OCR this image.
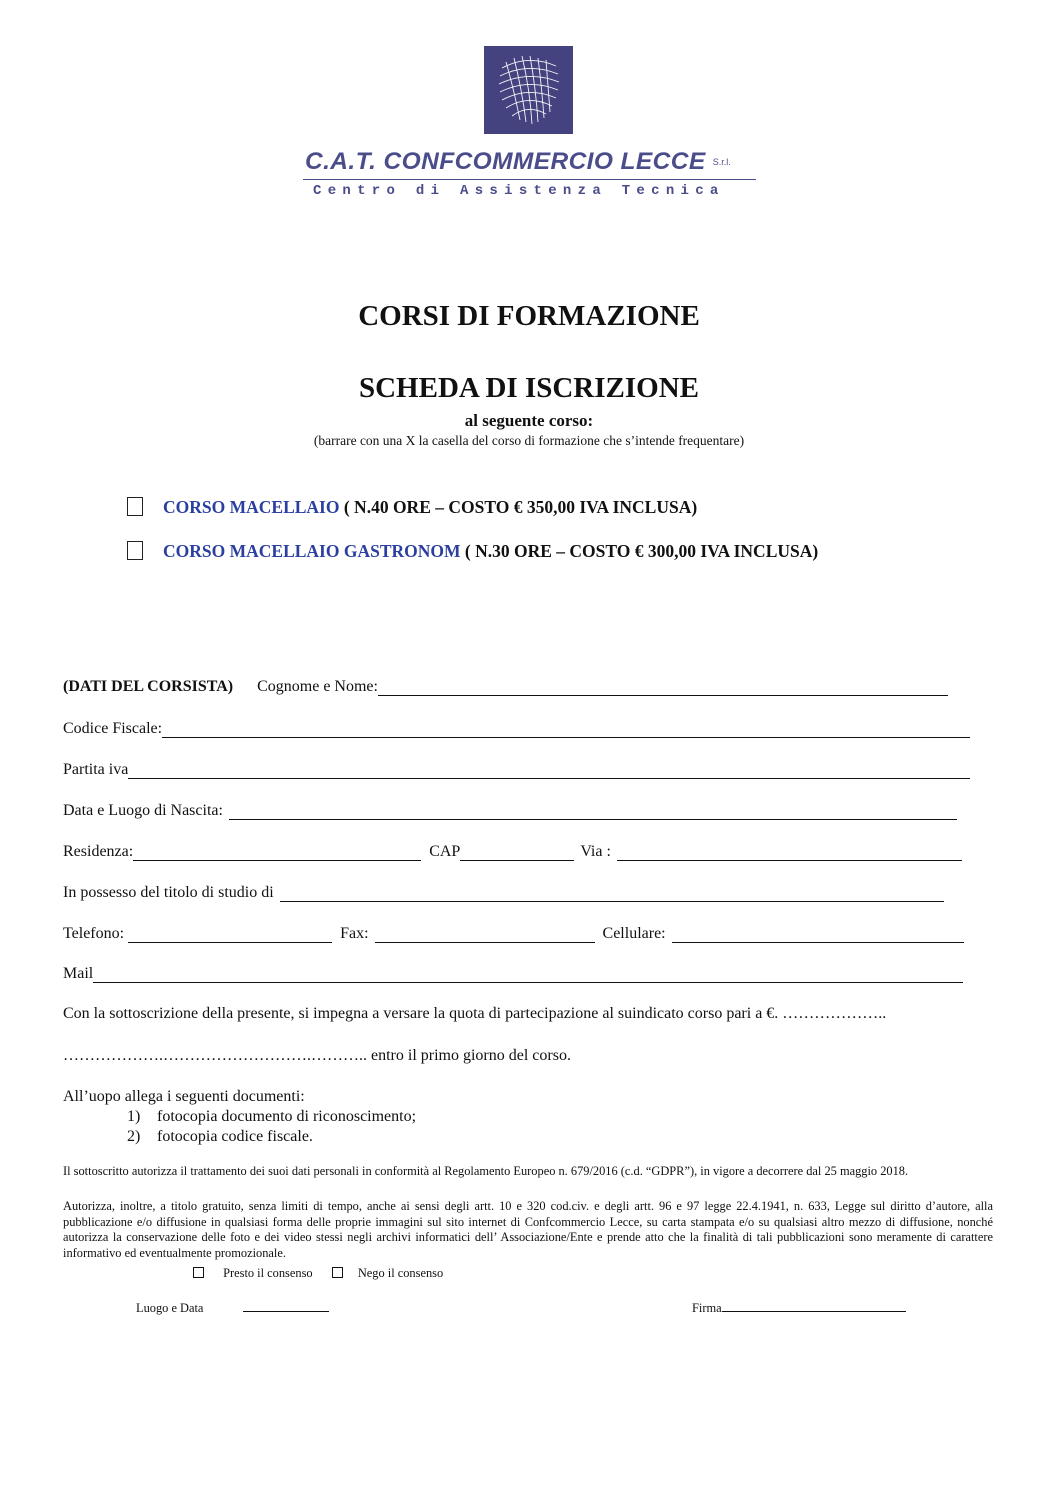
C.A.T. CONFCOMMERCIO LECCE S.r.l.
Centro di Assistenza Tecnica
CORSI DI FORMAZIONE
SCHEDA DI ISCRIZIONE
al seguente corso:
(barrare con una X la casella del corso di formazione che s’intende frequentare)
CORSO MACELLAIO ( N.40 ORE – COSTO € 350,00 IVA INCLUSA)
CORSO MACELLAIO GASTRONOM ( N.30 ORE – COSTO € 300,00 IVA INCLUSA)
(DATI DEL CORSISTA) Cognome e Nome:
Codice Fiscale:
Partita iva
Data e Luogo di Nascita:
Residenza:	CAP	Via :
In possesso del titolo di studio di
Telefono:	Fax:	Cellulare:
Mail
Con la sottoscrizione della presente, si impegna a versare la quota di partecipazione al suindicato corso pari a €. ………………..
……………….……………………….……….. entro il primo giorno del corso.
All’uopo allega i seguenti documenti:
1) fotocopia documento di riconoscimento;
2) fotocopia codice fiscale.
Il sottoscritto autorizza il trattamento dei suoi dati personali in conformità al Regolamento Europeo n. 679/2016 (c.d. “GDPR”), in vigore a decorrere dal 25 maggio 2018.
Autorizza, inoltre, a titolo gratuito, senza limiti di tempo, anche ai sensi degli artt. 10 e 320 cod.civ. e degli artt. 96 e 97 legge 22.4.1941, n. 633, Legge sul diritto d’autore, alla pubblicazione e/o diffusione in qualsiasi forma delle proprie immagini sul sito internet di Confcommercio Lecce, su carta stampata e/o su qualsiasi altro mezzo di diffusione, nonché autorizza la conservazione delle foto e dei video stessi negli archivi informatici dell’ Associazione/Ente e prende atto che la finalità di tali pubblicazioni sono meramente di carattere informativo ed eventualmente promozionale.
Presto il consenso	Nego il consenso
Luogo e Data	Firma
